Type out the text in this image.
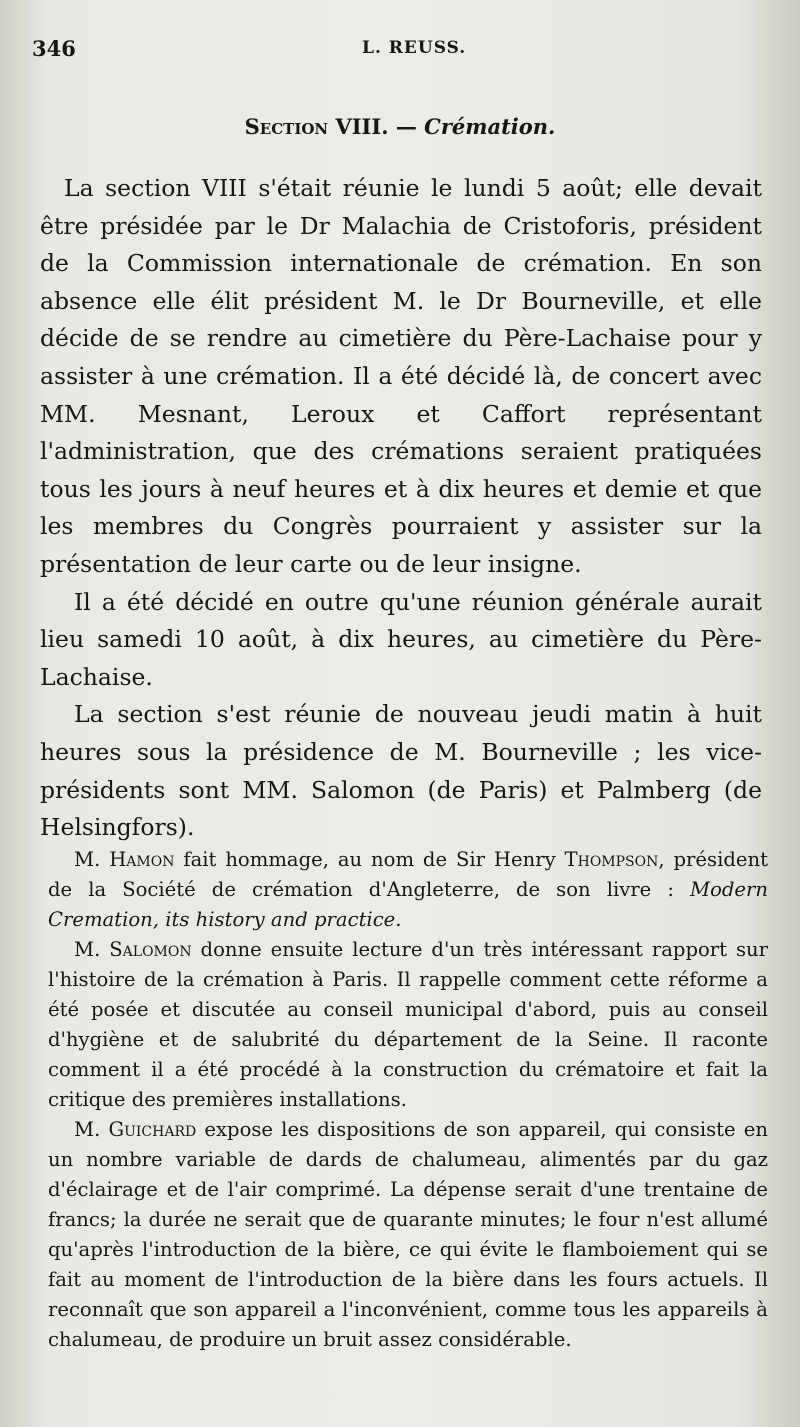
346	L. REUSS.
Section VIII. — Crémation.

La section VIII s'était réunie le lundi 5 août; elle devait être présidée par le Dr Malachia de Cristoforis, président de la Commission internationale de crémation. En son absence elle élit président M. le Dr Bourneville, et elle décide de se rendre au cimetière du Père-Lachaise pour y assister à une crémation. Il a été décidé là, de concert avec MM. Mesnant, Leroux et Caffort représentant l'administration, que des crémations seraient pratiquées tous les jours à neuf heures et à dix heures et demie et que les membres du Congrès pourraient y assister sur la présentation de leur carte ou de leur insigne.

Il a été décidé en outre qu'une réunion générale aurait lieu samedi 10 août, à dix heures, au cimetière du Père-Lachaise.

La section s'est réunie de nouveau jeudi matin à huit heures sous la présidence de M. Bourneville ; les vice-présidents sont MM. Salomon (de Paris) et Palmberg (de Helsingfors).

M. Hamon fait hommage, au nom de Sir Henry Thompson, président de la Société de crémation d'Angleterre, de son livre : Modern Cremation, its history and practice.

M. Salomon donne ensuite lecture d'un très intéressant rapport sur l'histoire de la crémation à Paris. Il rappelle comment cette réforme a été posée et discutée au conseil municipal d'abord, puis au conseil d'hygiène et de salubrité du département de la Seine. Il raconte comment il a été procédé à la construction du crématoire et fait la critique des premières installations.

M. Guichard expose les dispositions de son appareil, qui consiste en un nombre variable de dards de chalumeau, alimentés par du gaz d'éclairage et de l'air comprimé. La dépense serait d'une trentaine de francs; la durée ne serait que de quarante minutes; le four n'est allumé qu'après l'introduction de la bière, ce qui évite le flamboiement qui se fait au moment de l'introduction de la bière dans les fours actuels. Il reconnaît que son appareil a l'inconvénient, comme tous les appareils à chalumeau, de produire un bruit assez considérable.
